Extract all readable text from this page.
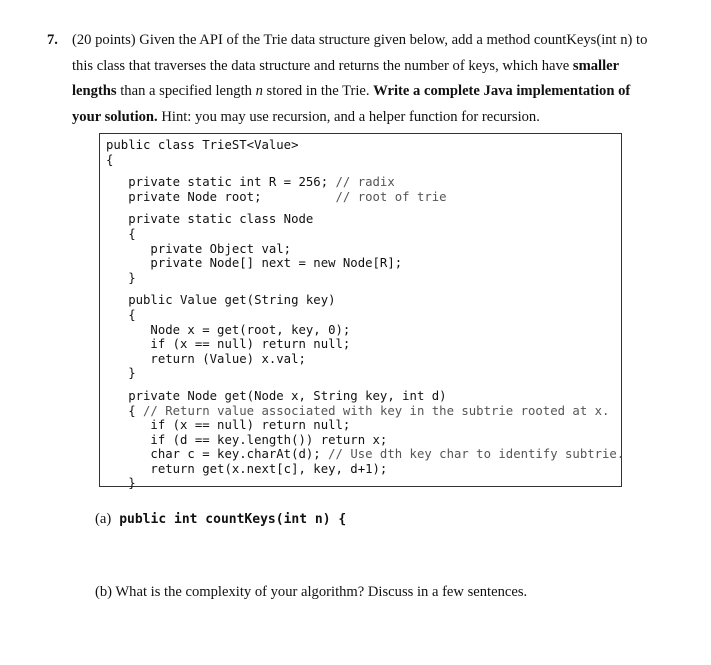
7. (20 points) Given the API of the Trie data structure given below, add a method countKeys(int n) to this class that traverses the data structure and returns the number of keys, which have smaller lengths than a specified length n stored in the Trie. Write a complete Java implementation of your solution. Hint: you may use recursion, and a helper function for recursion.
public class TrieST<Value>
{

private static int R = 256; // radix
private Node root;          // root of trie

private static class Node
{
private Object val;
private Node[] next = new Node[R];
}

public Value get(String key)
{
Node x = get(root, key, 0);
if (x == null) return null;
return (Value) x.val;
}

private Node get(Node x, String key, int d)
{ // Return value associated with key in the subtrie rooted at x.
if (x == null) return null;
if (d == key.length()) return x;
char c = key.charAt(d); // Use dth key char to identify subtrie.
return get(x.next[c], key, d+1);
}
(a) public int countKeys(int n) {
(b) What is the complexity of your algorithm? Discuss in a few sentences.
